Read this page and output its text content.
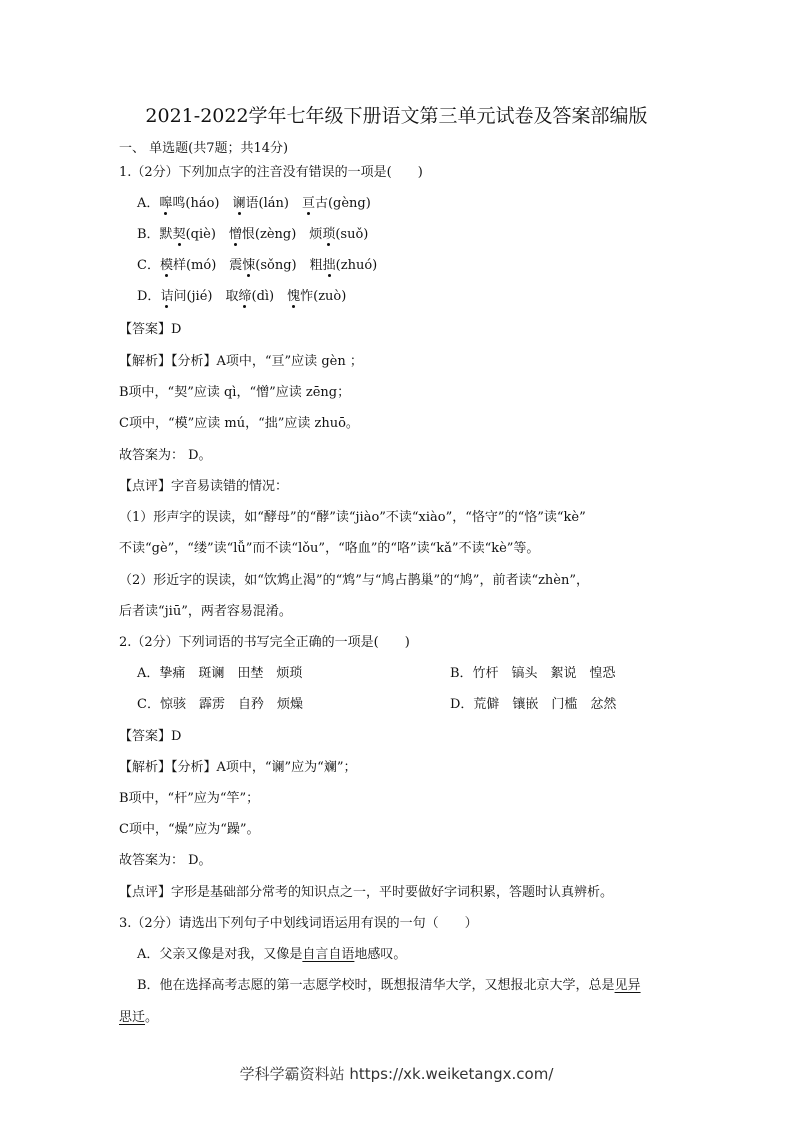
2021-2022学年七年级下册语文第三单元试卷及答案部编版
一、 单选题(共7题；共14分)
1.（2分）下列加点字的注音没有错误的一项是(　　)
A．嗥鸣(háo)　谰语(lán)　亘古(gèng)
B．默契(qiè)　憎恨(zèng)　烦琐(suǒ)
C．模样(mó)　震悚(sǒng)　粗拙(zhuó)
D．诘问(jié)　取缔(dì)　愧怍(zuò)
【答案】D
【解析】【分析】A项中，“亘”应读 gèn ；
B项中，“契”应读 qì，“憎”应读 zēng；
C项中，“模”应读 mú，“拙”应读 zhuō。
故答案为： D。
【点评】字音易读错的情况：
（1）形声字的误读，如“酵母”的“酵”读“jiào”不读“xiào”，“恪守”的“恪”读“kè”
不读“gè”，“缕”读“lǚ”而不读“lǒu”，“咯血”的“咯”读“kǎ”不读“kè”等。
（2）形近字的误读，如“饮鸩止渴”的“鸩”与“鸠占鹊巢”的“鸠”，前者读“zhèn”，
后者读“jiū”，两者容易混淆。
2.（2分）下列词语的书写完全正确的一项是(　　)
A．挚痛　斑谰　田埜　烦琐	B．竹杆　镐头　絮说　惶恐
C．惊骇　霹雳　自矜　烦燥	D．荒僻　镶嵌　门槛　忿然
【答案】D
【解析】【分析】A项中，“谰”应为“斓”；
B项中，“杆”应为“竿”；
C项中，“燥”应为“躁”。
故答案为： D。
【点评】字形是基础部分常考的知识点之一，平时要做好字词积累，答题时认真辨析。
3.（2分）请选出下列句子中划线词语运用有误的一句（　　）
A．父亲又像是对我，又像是自言自语地感叹。
B．他在选择高考志愿的第一志愿学校时，既想报清华大学，又想报北京大学，总是见异
思迁。
学科学霸资料站 https://xk.weiketangx.com/
